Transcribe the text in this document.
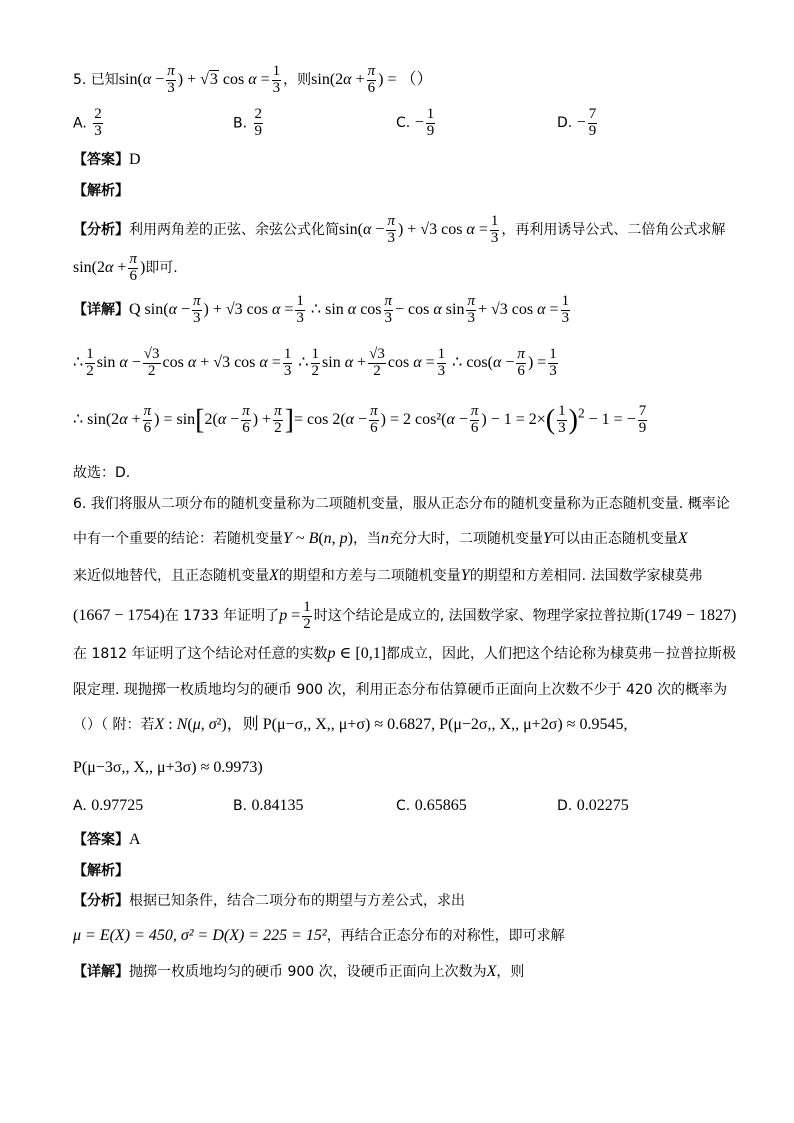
5. 已知$\sin(\alpha - \frac{\pi}{3}$ ) + √3 $\cos \alpha = \frac{1}{3}$ ，则$\sin(2\alpha + \frac{\pi}{6}$ ) = （）
A. $\frac{2}{3}$	B. $\frac{2}{9}$	C. − $\frac{1}{9}$	D. − $\frac{7}{9}$
【答案】D
【解析】
【分析】利用两角差的正弦、余弦公式化简$\sin(\alpha - \frac{\pi}{3}$ ) + √3 $\cos \alpha = \frac{1}{3}$ ，再利用诱导公式、二倍角公式求解
$\sin(2\alpha + \frac{\pi}{6}$ )即可.
【详解】Q $\sin(\alpha - \frac{\pi}{3}$ ) + √3 $\cos \alpha = \frac{1}{3}$ ∴ sin α $\cos \frac{\pi}{3} - \cos \alpha$ $\sin \frac{\pi}{3} + √3$ $\cos \alpha = \frac{1}{3}$
∴ $\frac{1}{2}$ $\sin \alpha - \frac{√3}{2}$ cos α + √3 $\cos \alpha = \frac{1}{3}$ ∴ $\frac{1}{2}$ $\sin \alpha + \frac{√3}{2}$ $\cos \alpha = \frac{1}{3}$ ∴ $\cos(\alpha - \frac{\pi}{6}$ ) = $\frac{1}{3}$
∴ $\sin(2\alpha + \frac{\pi}{6}$ ) = $\sin[2(\alpha - \frac{\pi}{6}$ ) + $\frac{\pi}{2}$ ]= $\cos 2(\alpha - \frac{\pi}{6}$ ) = 2 $\cos^2(\alpha - \frac{\pi}{6}$ ) − $1 = 2\times( \frac{1}{3} )^2 - 1$ = − $\frac{7}{9}$
故选：D.
6. 我们将服从二项分布的随机变量称为二项随机变量，服从正态分布的随机变量称为正态随机变量. 概率论
中有一个重要的结论：若随机变量Y ~ B(n, p)，当n充分大时，二项随机变量Y可以由正态随机变量X
来近似地替代，且正态随机变量X的期望和方差与二项随机变量Y的期望和方差相同. 法国数学家棣莫弗
(1667 − 1754)在 1733 年证明了$p = \frac{1}{2}$ 时这个结论是成立的, 法国数学家、物理学家拉普拉斯(1749 − 1827)
在 1812 年证明了这个结论对任意的实数p ∈ [0,1]都成立，因此，人们把这个结论称为棣莫弗－拉普拉斯极
限定理. 现抛掷一枚质地均匀的硬币 900 次，利用正态分布估算硬币正面向上次数不少于 420 次的概率为
（）（ 附：若X : N(μ, σ²)，则 P(μ−σ,, X,, μ+σ) ≈ 0.6827, P(μ−2σ,, X,, μ+2σ) ≈ 0.9545,
P(μ−3σ,, X,, μ+3σ) ≈ 0.9973)
A. 0.97725	B. 0.84135	C. 0.65865	D. 0.02275
【答案】A
【解析】
【分析】根据已知条件，结合二项分布的期望与方差公式，求出
μ = E(X) = 450, σ² = D(X) = 225 = 15²，再结合正态分布的对称性，即可求解
【详解】抛掷一枚质地均匀的硬币 900 次，设硬币正面向上次数为X，则
